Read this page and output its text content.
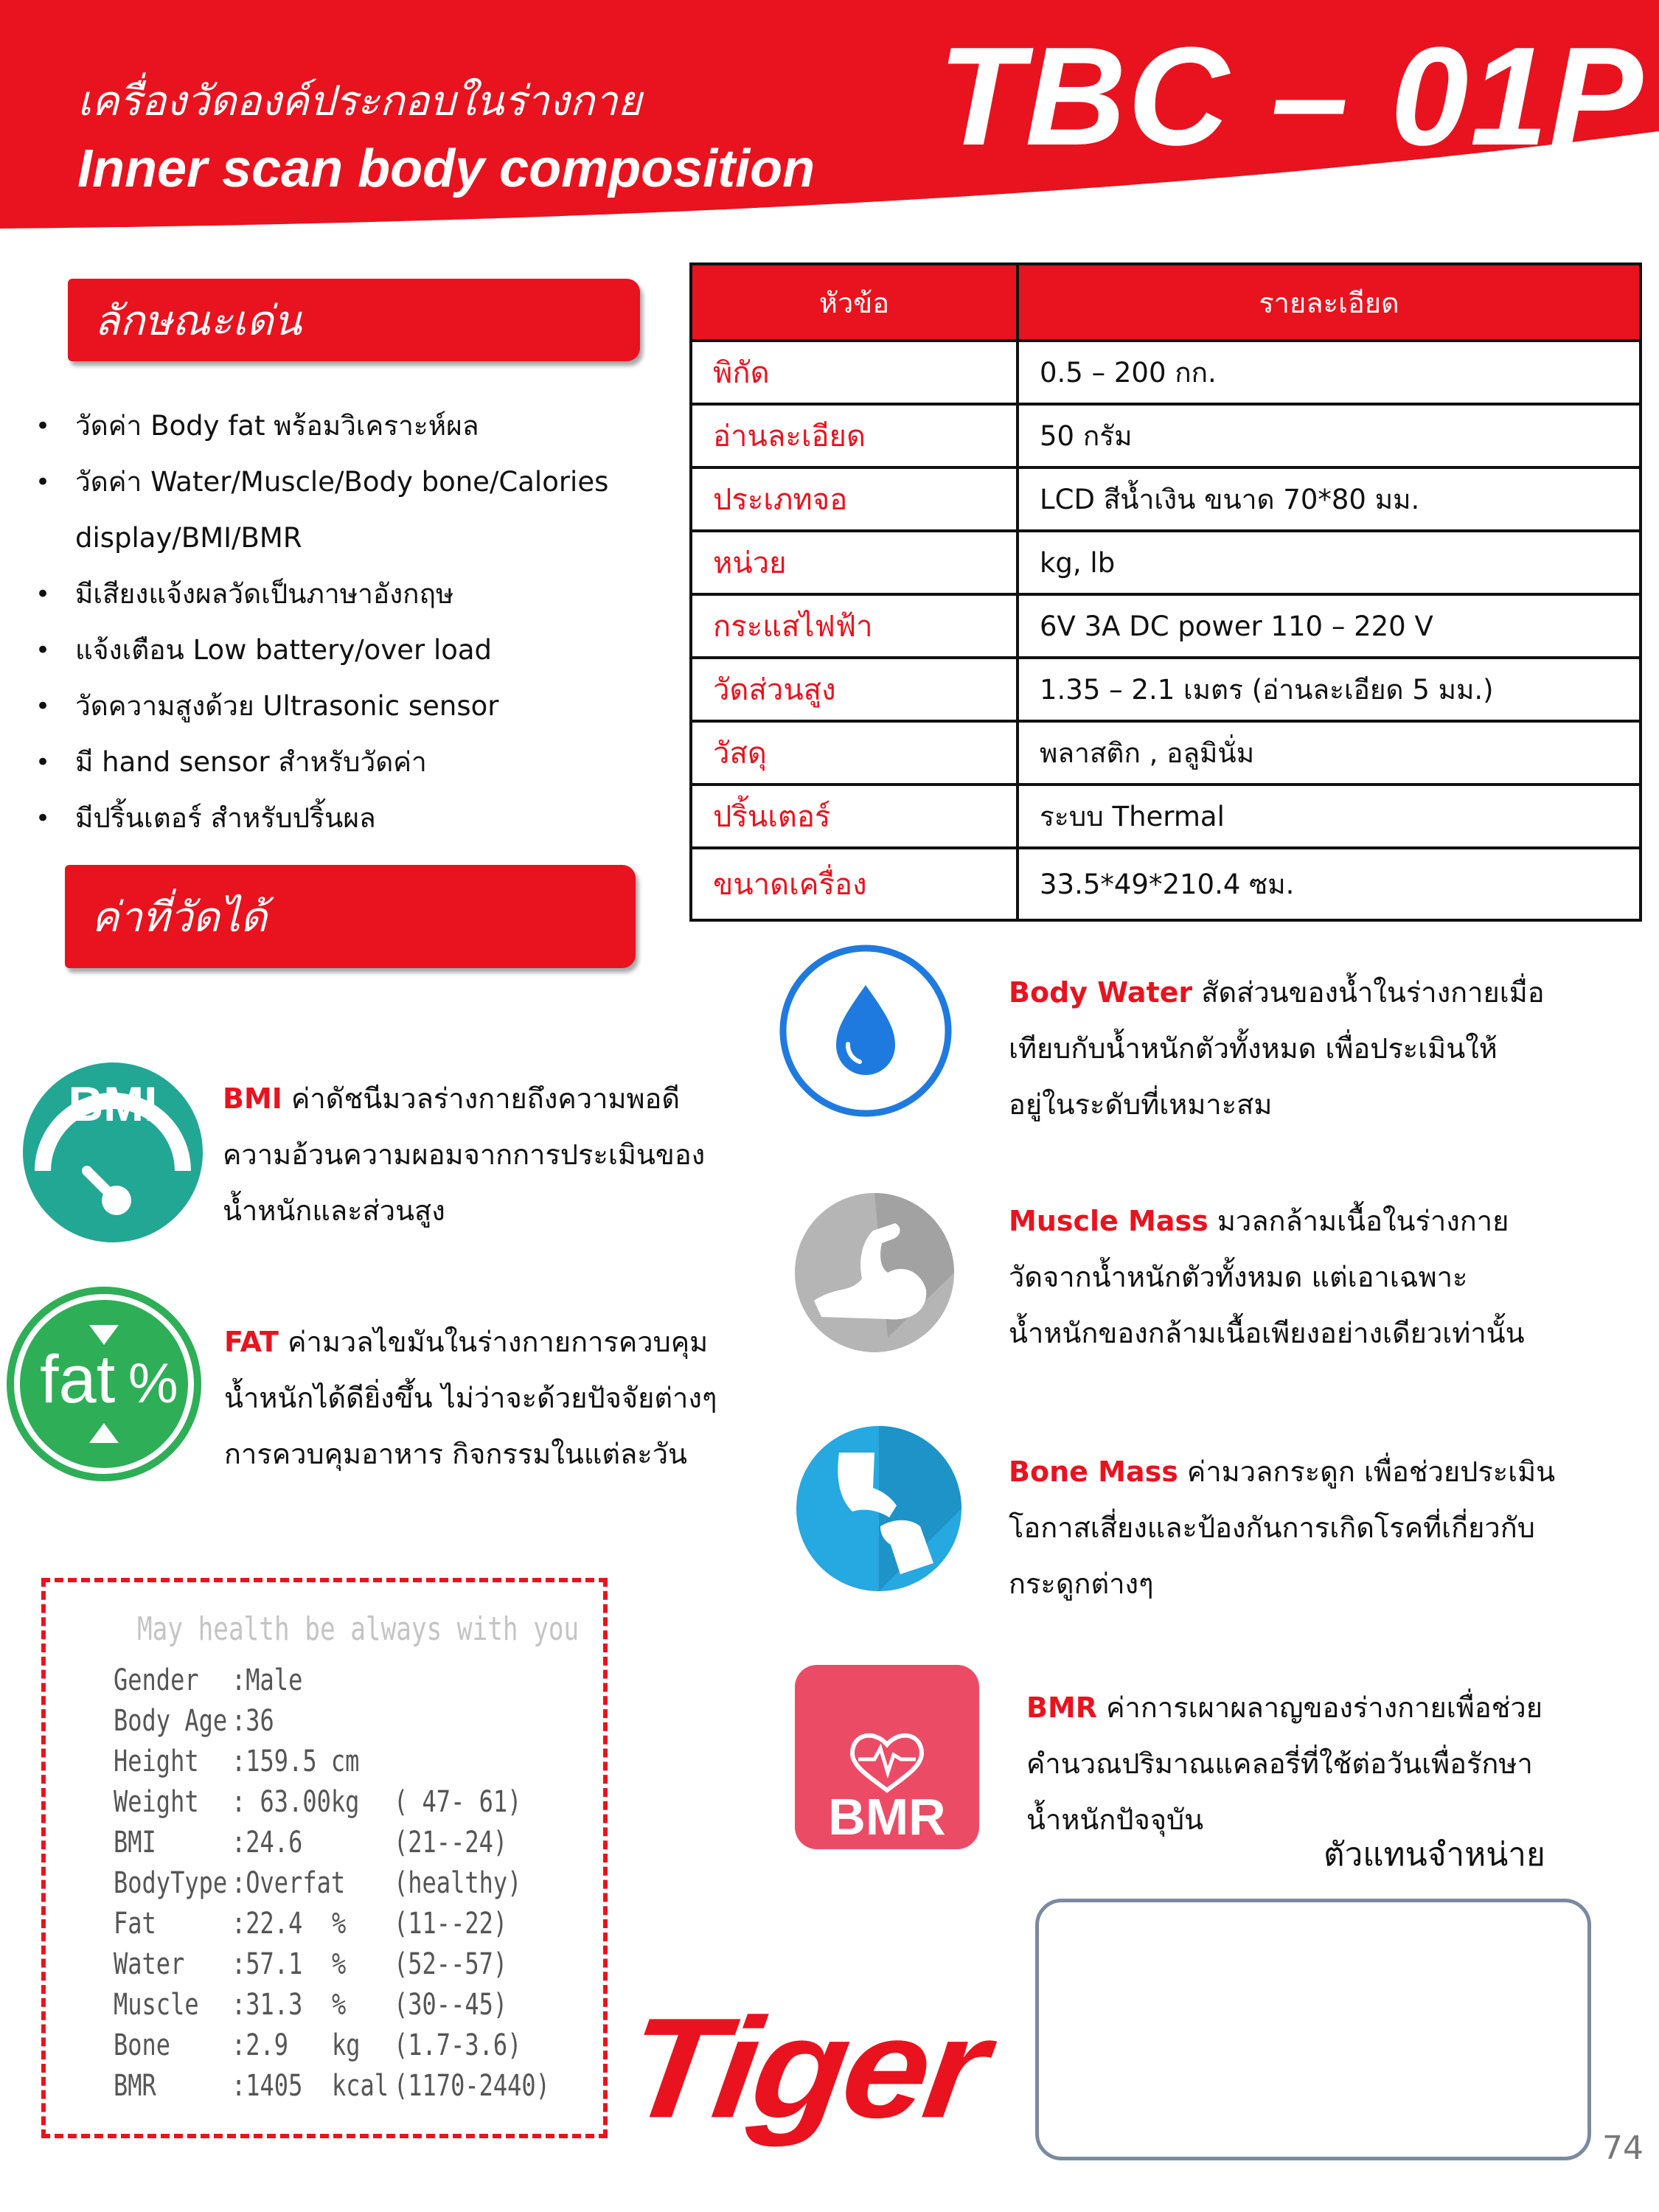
เครื่องวัดองค์ประกอบในร่างกาย
Inner scan body composition TBC – 01P
ลักษณะเด่น
• วัดค่า Body fat พร้อมวิเคราะห์ผล
• วัดค่า Water/Muscle/Body bone/Calories display/BMI/BMR
• มีเสียงแจ้งผลวัดเป็นภาษาอังกฤษ
• แจ้งเตือน Low battery/over load
• วัดความสูงด้วย Ultrasonic sensor
• มี hand sensor สำหรับวัดค่า
• มีปริ้นเตอร์ สำหรับปริ้นผล
หัวข้อ	รายละเอียด
พิกัด	0.5 – 200 กก.
อ่านละเอียด	50 กรัม
ประเภทจอ	LCD สีน้ำเงิน ขนาด 70*80 มม.
หน่วย	kg, lb
กระแสไฟฟ้า	6V 3A DC power 110 – 220 V
วัดส่วนสูง	1.35 – 2.1 เมตร (อ่านละเอียด 5 มม.)
วัสดุ	พลาสติก , อลูมินั่ม
ปริ้นเตอร์	ระบบ Thermal
ขนาดเครื่อง	33.5*49*210.4 ซม.
ค่าที่วัดได้
BMI BMI ค่าดัชนีมวลร่างกายถึงความพอดี
ความอ้วนความผอมจากการประเมินของ
น้ำหนักและส่วนสูง
fat %
FAT ค่ามวลไขมันในร่างกายการควบคุม
น้ำหนักได้ดียิ่งขึ้น ไม่ว่าจะด้วยปัจจัยต่างๆ
การควบคุมอาหาร กิจกรรมในแต่ละวัน
Body Water สัดส่วนของน้ำในร่างกายเมื่อ
เทียบกับน้ำหนักตัวทั้งหมด เพื่อประเมินให้
อยู่ในระดับที่เหมาะสม
Muscle Mass มวลกล้ามเนื้อในร่างกาย
วัดจากน้ำหนักตัวทั้งหมด แต่เอาเฉพาะ
น้ำหนักของกล้ามเนื้อเพียงอย่างเดียวเท่านั้น
Bone Mass ค่ามวลกระดูก เพื่อช่วยประเมิน
โอกาสเสี่ยงและป้องกันการเกิดโรคที่เกี่ยวกับ
กระดูกต่างๆ
BMR
BMR ค่าการเผาผลาญของร่างกายเพื่อช่วย
คำนวณปริมาณแคลอรี่ที่ใช้ต่อวันเพื่อรักษา
น้ำหนักปัจจุบัน
May health be always with you
Gender :Male
Body Age :36
Height :159.5 cm
Weight : 63.00kg ( 47- 61)
BMI	:24.6	(21--24)
BodyType :Overfat (healthy)
Fat	:22.4 % (11--22)
Water :57.1 % (52--57)
Muscle :31.3 % (30--45)
Bone :2.9 kg (1.7-3.6)
BMR	:1405 kcal (1170-2440) Tiger
ตัวแทนจำหน่าย
74
